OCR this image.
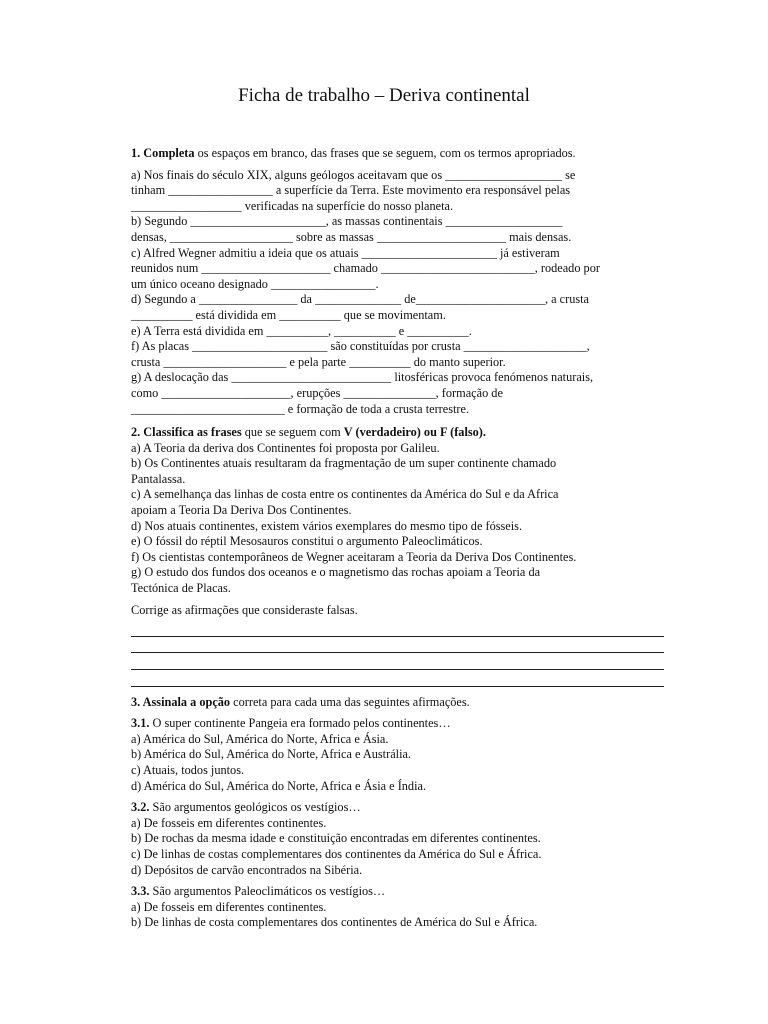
Ficha de trabalho – Deriva continental

1. Completa os espaços em branco, das frases que se seguem, com os termos apropriados.

a) Nos finais do século XIX, alguns geólogos aceitavam que os ___________________ se

tinham _________________ a superfície da Terra. Este movimento era responsável pelas

__________________ verificadas na superfície do nosso planeta.

b) Segundo ______________________, as massas continentais ___________________

densas, ____________________ sobre as massas _____________________ mais densas.

c) Alfred Wegner admitiu a ideia que os atuais ______________________ já estiveram

reunidos num _____________________ chamado _________________________, rodeado por

um único oceano designado _________________.

d) Segundo a ________________ da ______________ de_____________________, a crusta

__________ está dividida em __________ que se movimentam.

e) A Terra está dividida em __________, __________ e __________.

f) As placas ______________________ são constituídas por crusta ____________________,

crusta ____________________ e pela parte __________ do manto superior.

g) A deslocação das __________________________ litosféricas provoca fenómenos naturais,

como _____________________, erupções _______________, formação de

_________________________ e formação de toda a crusta terrestre.

2. Classifica as frases que se seguem com V (verdadeiro) ou F (falso).

a) A Teoria da deriva dos Continentes foi proposta por Galileu.

b) Os Continentes atuais resultaram da fragmentação de um super continente chamado

Pantalassa.

c) A semelhança das linhas de costa entre os continentes da América do Sul e da Africa

apoiam a Teoria Da Deriva Dos Continentes.

d) Nos atuais continentes, existem vários exemplares do mesmo tipo de fósseis.

e) O fóssil do réptil Mesosauros constitui o argumento Paleoclimáticos.

f) Os cientistas contemporâneos de Wegner aceitaram a Teoria da Deriva Dos Continentes.

g) O estudo dos fundos dos oceanos e o magnetismo das rochas apoiam a Teoria da

Tectónica de Placas.

Corrige as afirmações que consideraste falsas.

3. Assinala a opção correta para cada uma das seguintes afirmações.

3.1. O super continente Pangeia era formado pelos continentes…

a) América do Sul, América do Norte, Africa e Ásia.

b) América do Sul, América do Norte, Africa e Austrália.

c) Atuais, todos juntos.

d) América do Sul, América do Norte, Africa e Ásia e Índia.

3.2. São argumentos geológicos os vestígios…

a) De fosseis em diferentes continentes.

b) De rochas da mesma idade e constituição encontradas em diferentes continentes.

c) De linhas de costas complementares dos continentes da América do Sul e África.

d) Depósitos de carvão encontrados na Sibéria.

3.3. São argumentos Paleoclimáticos os vestígios…

a) De fosseis em diferentes continentes.

b) De linhas de costa complementares dos continentes de América do Sul e África.
